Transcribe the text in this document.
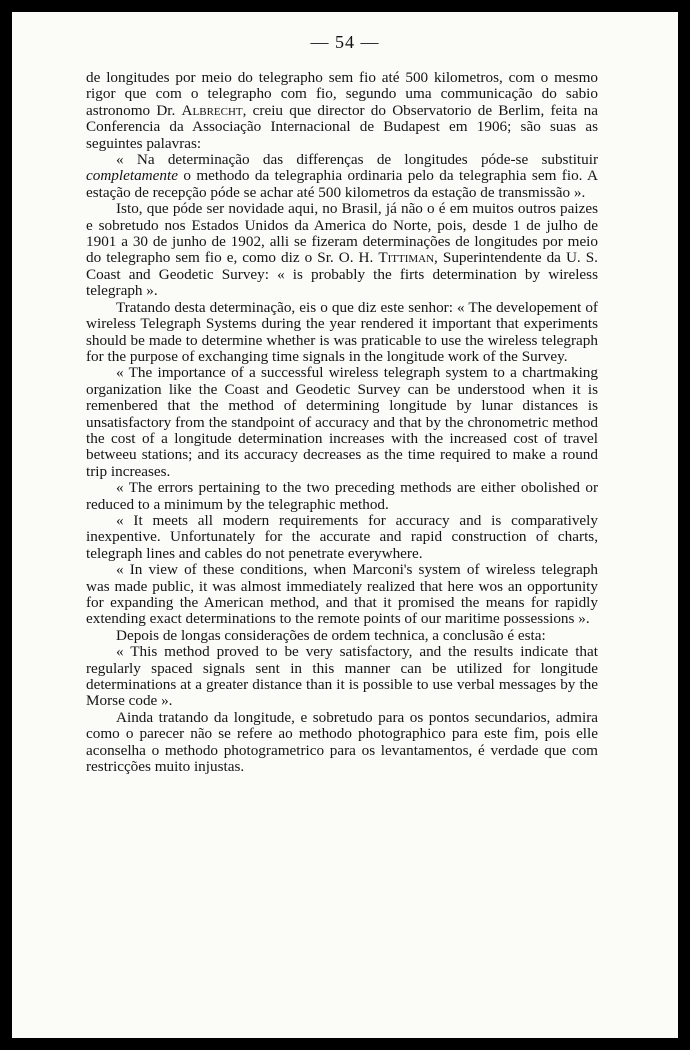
— 54 —

de longitudes por meio do telegrapho sem fio até 500 kilometros, com o mesmo rigor que com o telegrapho com fio, segundo uma communicação do sabio astronomo Dr. Albrecht, creiu que director do Observatorio de Berlim, feita na Conferencia da Associação Internacional de Budapest em 1906; são suas as seguintes palavras:

« Na determinação das differenças de longitudes póde-se substituir completamente o methodo da telegraphia ordinaria pelo da telegraphia sem fio. A estação de recepção póde se achar até 500 kilometros da estação de transmissão ».

Isto, que póde ser novidade aqui, no Brasil, já não o é em muitos outros paizes e sobretudo nos Estados Unidos da America do Norte, pois, desde 1 de julho de 1901 a 30 de junho de 1902, alli se fizeram determinações de longitudes por meio do telegrapho sem fio e, como diz o Sr. O. H. Tittiman, Superintendente da U. S. Coast and Geodetic Survey: « is probably the firts determination by wireless telegraph ».

Tratando desta determinação, eis o que diz este senhor: « The developement of wireless Telegraph Systems during the year rendered it important that experiments should be made to determine whether is was praticable to use the wireless telegraph for the purpose of exchanging time signals in the longitude work of the Survey.

« The importance of a successful wireless telegraph system to a chartmaking organization like the Coast and Geodetic Survey can be understood when it is remenbered that the method of determining longitude by lunar distances is unsatisfactory from the standpoint of accuracy and that by the chronometric method the cost of a longitude determination increases with the increased cost of travel betweeu stations; and its accuracy decreases as the time required to make a round trip increases.

« The errors pertaining to the two preceding methods are either obolished or reduced to a minimum by the telegraphic method.

« It meets all modern requirements for accuracy and is comparatively inexpentive. Unfortunately for the accurate and rapid construction of charts, telegraph lines and cables do not penetrate everywhere.

« In view of these conditions, when Marconi's system of wireless telegraph was made public, it was almost immediately realized that here wos an opportunity for expanding the American method, and that it promised the means for rapidly extending exact determinations to the remote points of our maritime possessions ».

Depois de longas considerações de ordem technica, a conclusão é esta:

« This method proved to be very satisfactory, and the results indicate that regularly spaced signals sent in this manner can be utilized for longitude determinations at a greater distance than it is possible to use verbal messages by the Morse code ».

Ainda tratando da longitude, e sobretudo para os pontos secundarios, admira como o parecer não se refere ao methodo photographico para este fim, pois elle aconselha o methodo photogrametrico para os levantamentos, é verdade que com restricções muito injustas.
